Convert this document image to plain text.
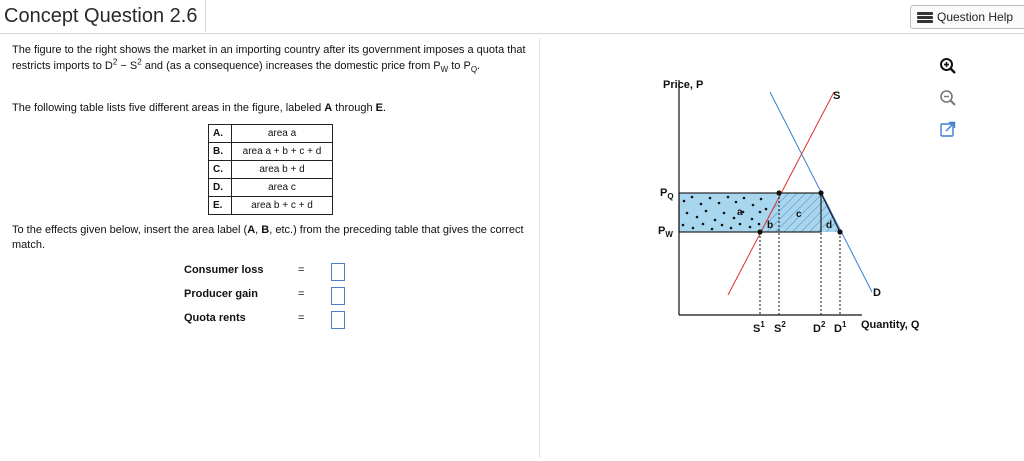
Concept Question 2.6	Question Help
The figure to the right shows the market in an importing country after its government imposes a quota that restricts imports to $D^2 - S^2$ and (as a consequence) increases the domestic price from $P_W$ to $P_Q$.
The following table lists five different areas in the figure, labeled A through E.
A.	area a
B.	area a + b + c + d
C.	area b + d
D.	area c
E.	area b + c + d
To the effects given below, insert the area label (A, B, etc.) from the preceding table that gives the correct match.
Consumer loss	=
Producer gain	=
Quota rents	=
Price, P
$P_Q$
$P_W$
S
D
a
b
c
d
$S^1$ $S^2$ $D^2$ $D^1$ Quantity, Q
